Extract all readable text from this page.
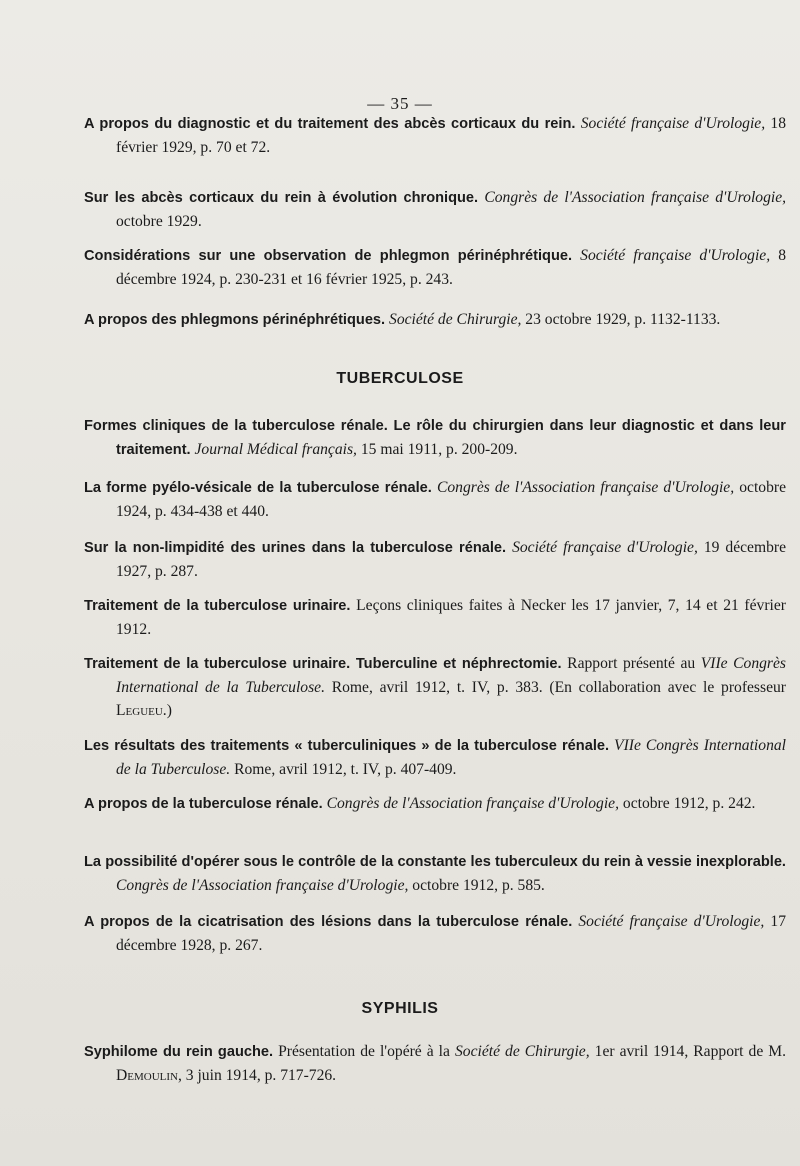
— 35 —

A propos du diagnostic et du traitement des abcès corticaux du rein. Société française d'Urologie, 18 février 1929, p. 70 et 72.

Sur les abcès corticaux du rein à évolution chronique. Congrès de l'Association française d'Urologie, octobre 1929.

Considérations sur une observation de phlegmon périnéphrétique. Société française d'Urologie, 8 décembre 1924, p. 230-231 et 16 février 1925, p. 243.

A propos des phlegmons périnéphrétiques. Société de Chirurgie, 23 octobre 1929, p. 1132-1133.

TUBERCULOSE

Formes cliniques de la tuberculose rénale. Le rôle du chirurgien dans leur diagnostic et dans leur traitement. Journal Médical français, 15 mai 1911, p. 200-209.

La forme pyélo-vésicale de la tuberculose rénale. Congrès de l'Association française d'Urologie, octobre 1924, p. 434-438 et 440.

Sur la non-limpidité des urines dans la tuberculose rénale. Société française d'Urologie, 19 décembre 1927, p. 287.

Traitement de la tuberculose urinaire. Leçons cliniques faites à Necker les 17 janvier, 7, 14 et 21 février 1912.

Traitement de la tuberculose urinaire. Tuberculine et néphrectomie. Rapport présenté au VIIe Congrès International de la Tuberculose. Rome, avril 1912, t. IV, p. 383. (En collaboration avec le professeur Legueu.)

Les résultats des traitements « tuberculiniques » de la tuberculose rénale. VIIe Congrès International de la Tuberculose. Rome, avril 1912, t. IV, p. 407-409.

A propos de la tuberculose rénale. Congrès de l'Association française d'Urologie, octobre 1912, p. 242.

La possibilité d'opérer sous le contrôle de la constante les tuberculeux du rein à vessie inexplorable. Congrès de l'Association française d'Urologie, octobre 1912, p. 585.

A propos de la cicatrisation des lésions dans la tuberculose rénale. Société française d'Urologie, 17 décembre 1928, p. 267.

SYPHILIS

Syphilome du rein gauche. Présentation de l'opéré à la Société de Chirurgie, 1er avril 1914, Rapport de M. Demoulin, 3 juin 1914, p. 717-726.
